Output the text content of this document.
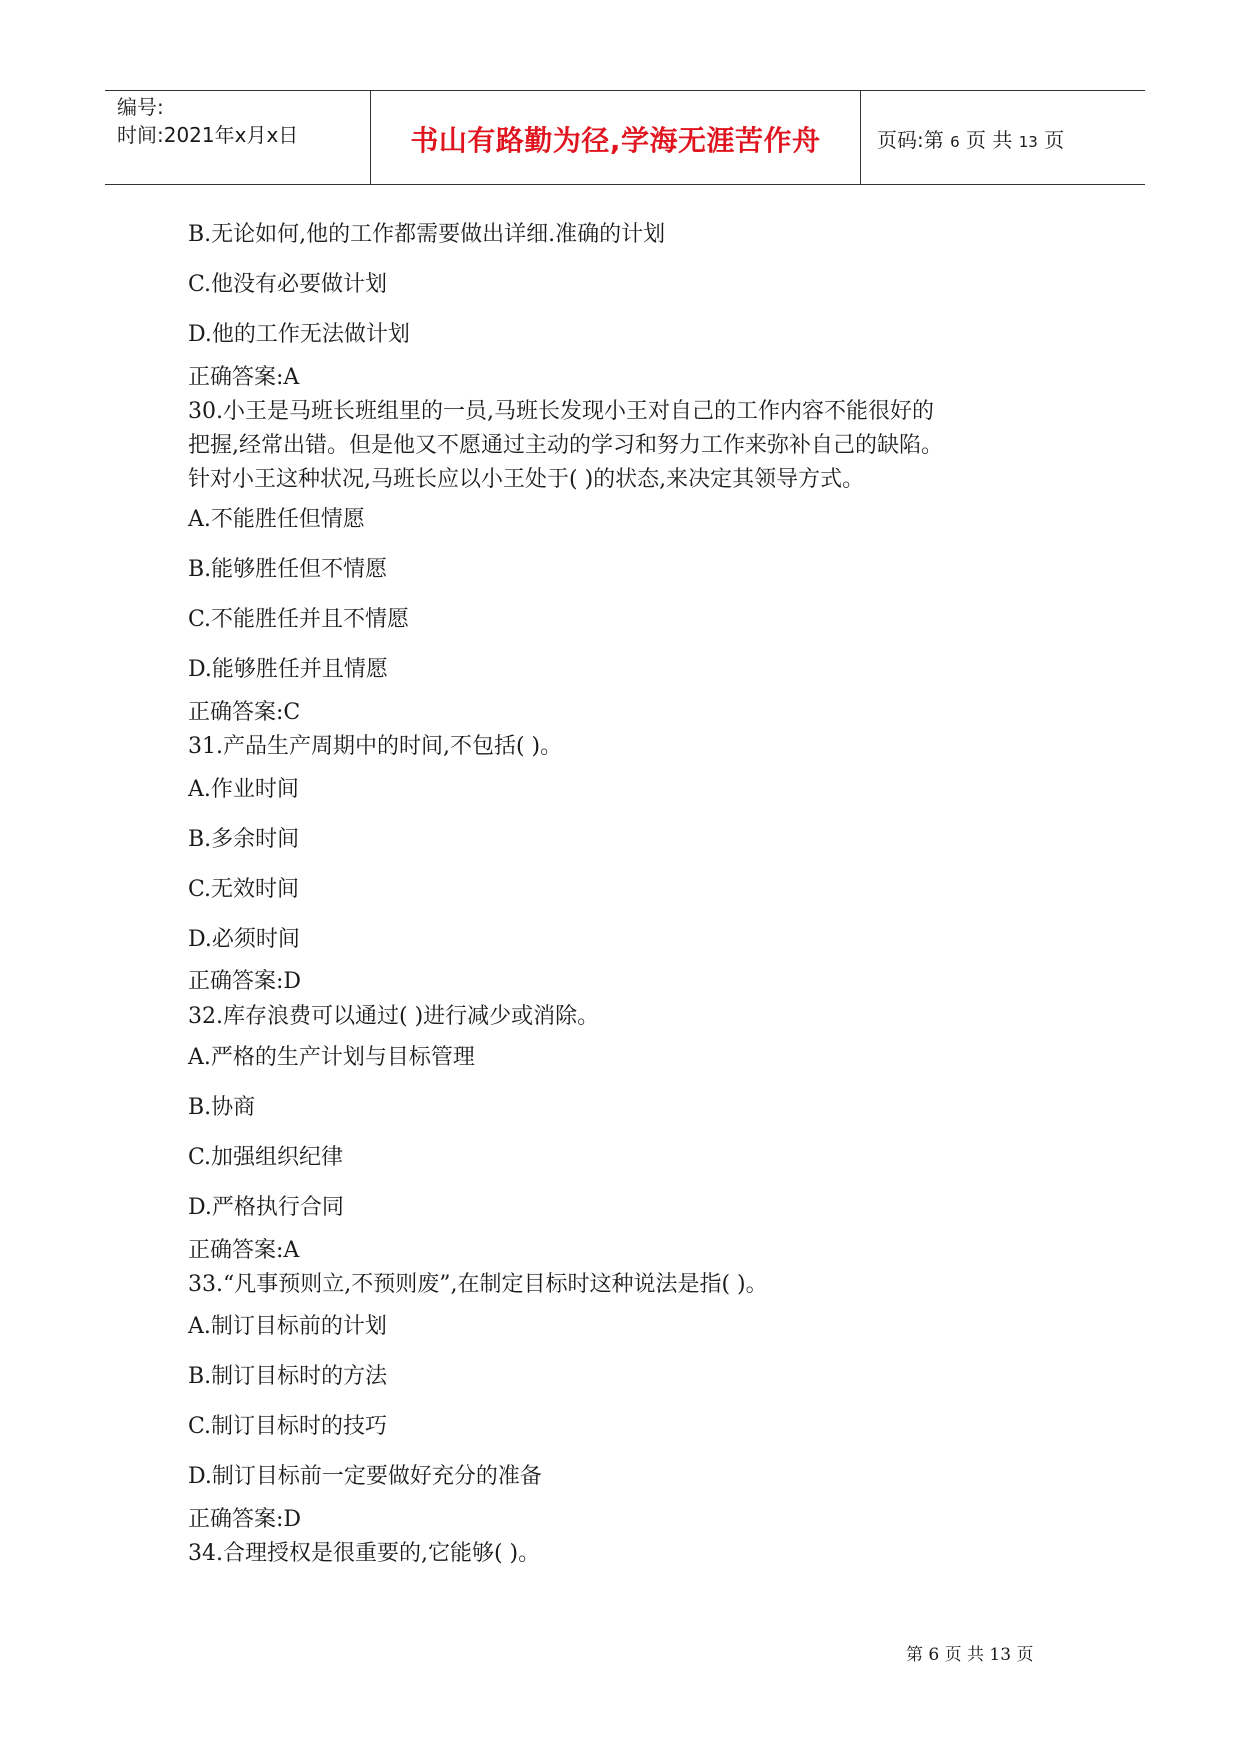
编号:
时间:2021年x月x日	书山有路勤为径,学海无涯苦作舟	页码:第 6 页 共 13 页
B.无论如何,他的工作都需要做出详细.准确的计划
C.他没有必要做计划
D.他的工作无法做计划
正确答案:A
30.小王是马班长班组里的一员,马班长发现小王对自己的工作内容不能很好的
把握,经常出错。但是他又不愿通过主动的学习和努力工作来弥补自己的缺陷。
针对小王这种状况,马班长应以小王处于( )的状态,来决定其领导方式。
A.不能胜任但情愿
B.能够胜任但不情愿
C.不能胜任并且不情愿
D.能够胜任并且情愿
正确答案:C
31.产品生产周期中的时间,不包括( )。
A.作业时间
B.多余时间
C.无效时间
D.必须时间
正确答案:D
32.库存浪费可以通过( )进行减少或消除。
A.严格的生产计划与目标管理
B.协商
C.加强组织纪律
D.严格执行合同
正确答案:A
33.“凡事预则立,不预则废”,在制定目标时这种说法是指( )。
A.制订目标前的计划
B.制订目标时的方法
C.制订目标时的技巧
D.制订目标前一定要做好充分的准备
正确答案:D
34.合理授权是很重要的,它能够( )。
第 6 页 共 13 页
